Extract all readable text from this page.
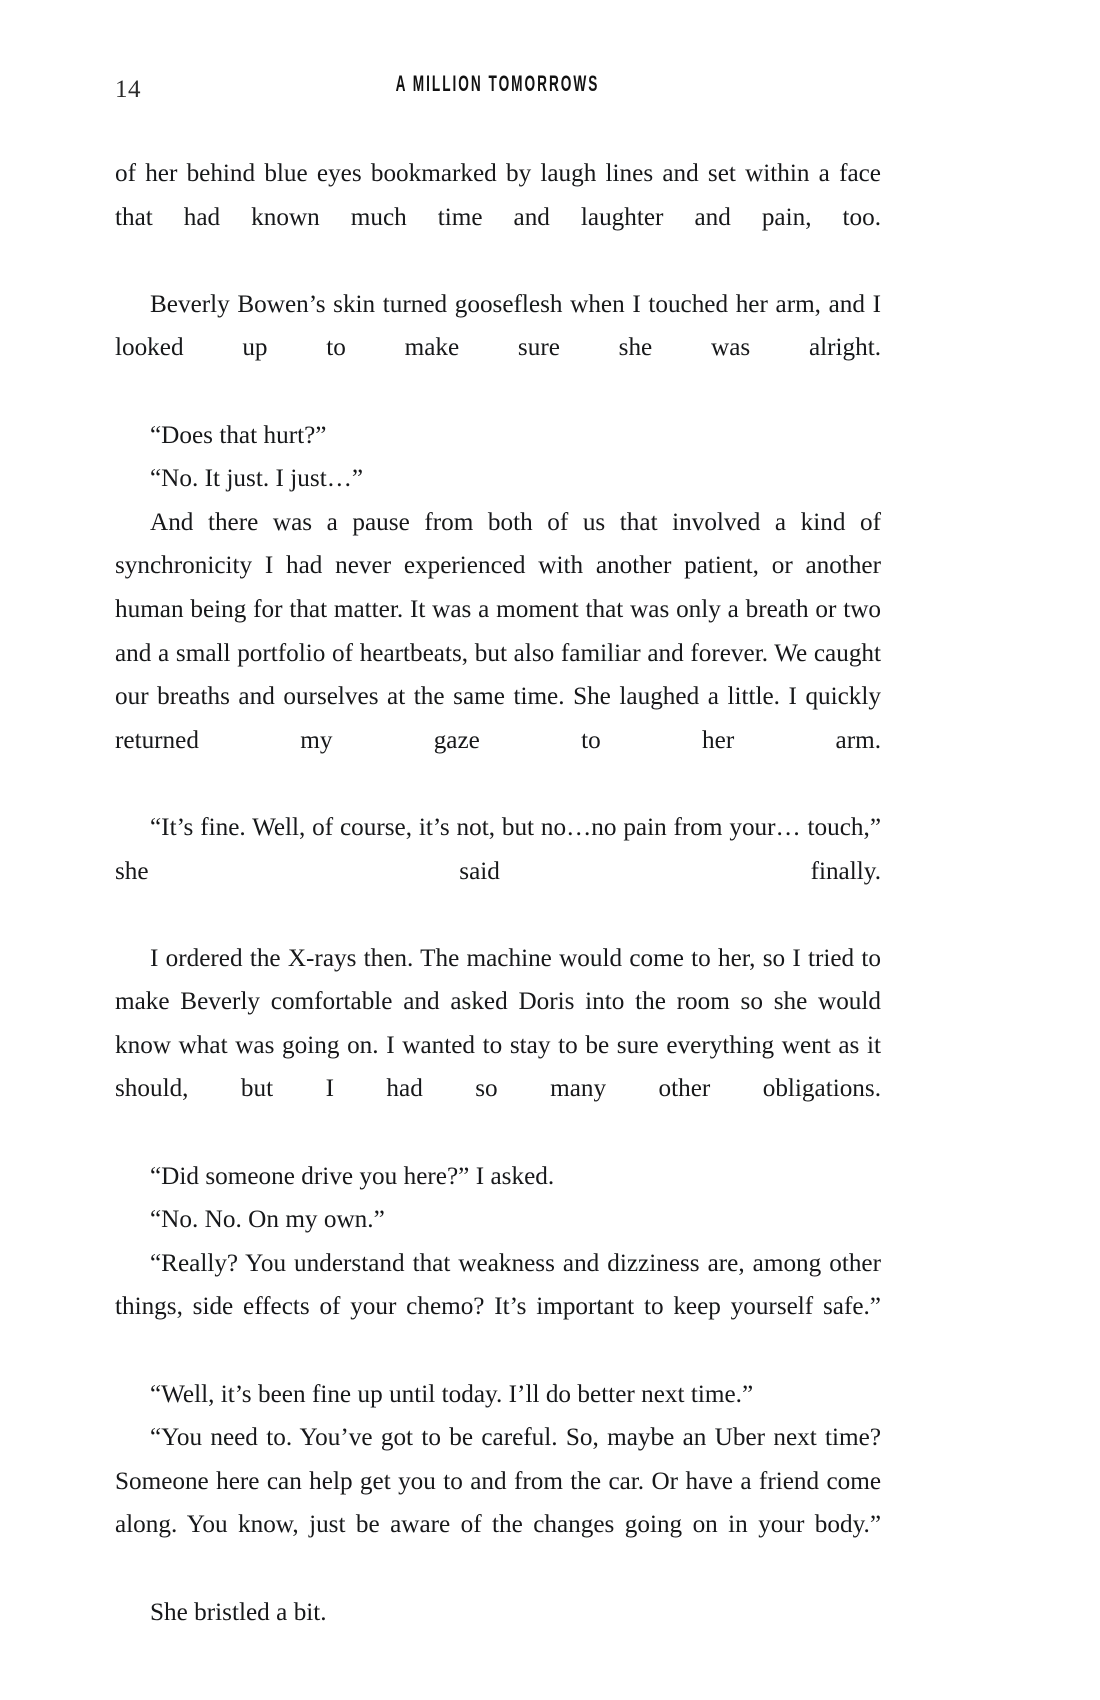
14	A MILLION TOMORROWS

of her behind blue eyes bookmarked by laugh lines and set within a face that had known much time and laughter and pain, too.

Beverly Bowen’s skin turned gooseflesh when I touched her arm, and I looked up to make sure she was alright.

“Does that hurt?”

“No. It just. I just…”

And there was a pause from both of us that involved a kind of synchronicity I had never experienced with another patient, or another human being for that matter. It was a moment that was only a breath or two and a small portfolio of heartbeats, but also familiar and forever. We caught our breaths and ourselves at the same time. She laughed a little. I quickly returned my gaze to her arm.

“It’s fine. Well, of course, it’s not, but no…no pain from your… touch,” she said finally.

I ordered the X-rays then. The machine would come to her, so I tried to make Beverly comfortable and asked Doris into the room so she would know what was going on. I wanted to stay to be sure everything went as it should, but I had so many other obligations.

“Did someone drive you here?” I asked.

“No. No. On my own.”

“Really? You understand that weakness and dizziness are, among other things, side effects of your chemo? It’s important to keep yourself safe.”

“Well, it’s been fine up until today. I’ll do better next time.”

“You need to. You’ve got to be careful. So, maybe an Uber next time? Someone here can help get you to and from the car. Or have a friend come along. You know, just be aware of the changes going on in your body.”

She bristled a bit.
